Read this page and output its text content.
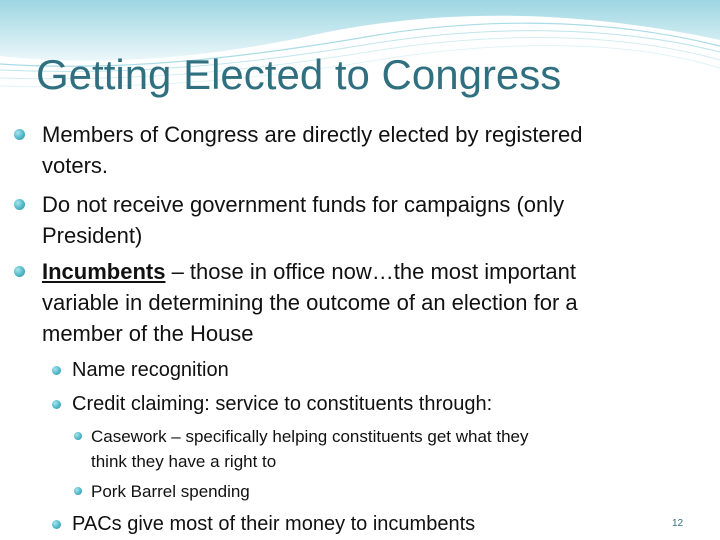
Getting Elected to Congress
Members of Congress are directly elected by registered
voters.
Do not receive government funds for campaigns (only
President)
Incumbents – those in office now…the most important
variable in determining the outcome of an election for a
member of the House
Name recognition
Credit claiming: service to constituents through:
Casework – specifically helping constituents get what they
think they have a right to
Pork Barrel spending
PACs give most of their money to incumbents	12
